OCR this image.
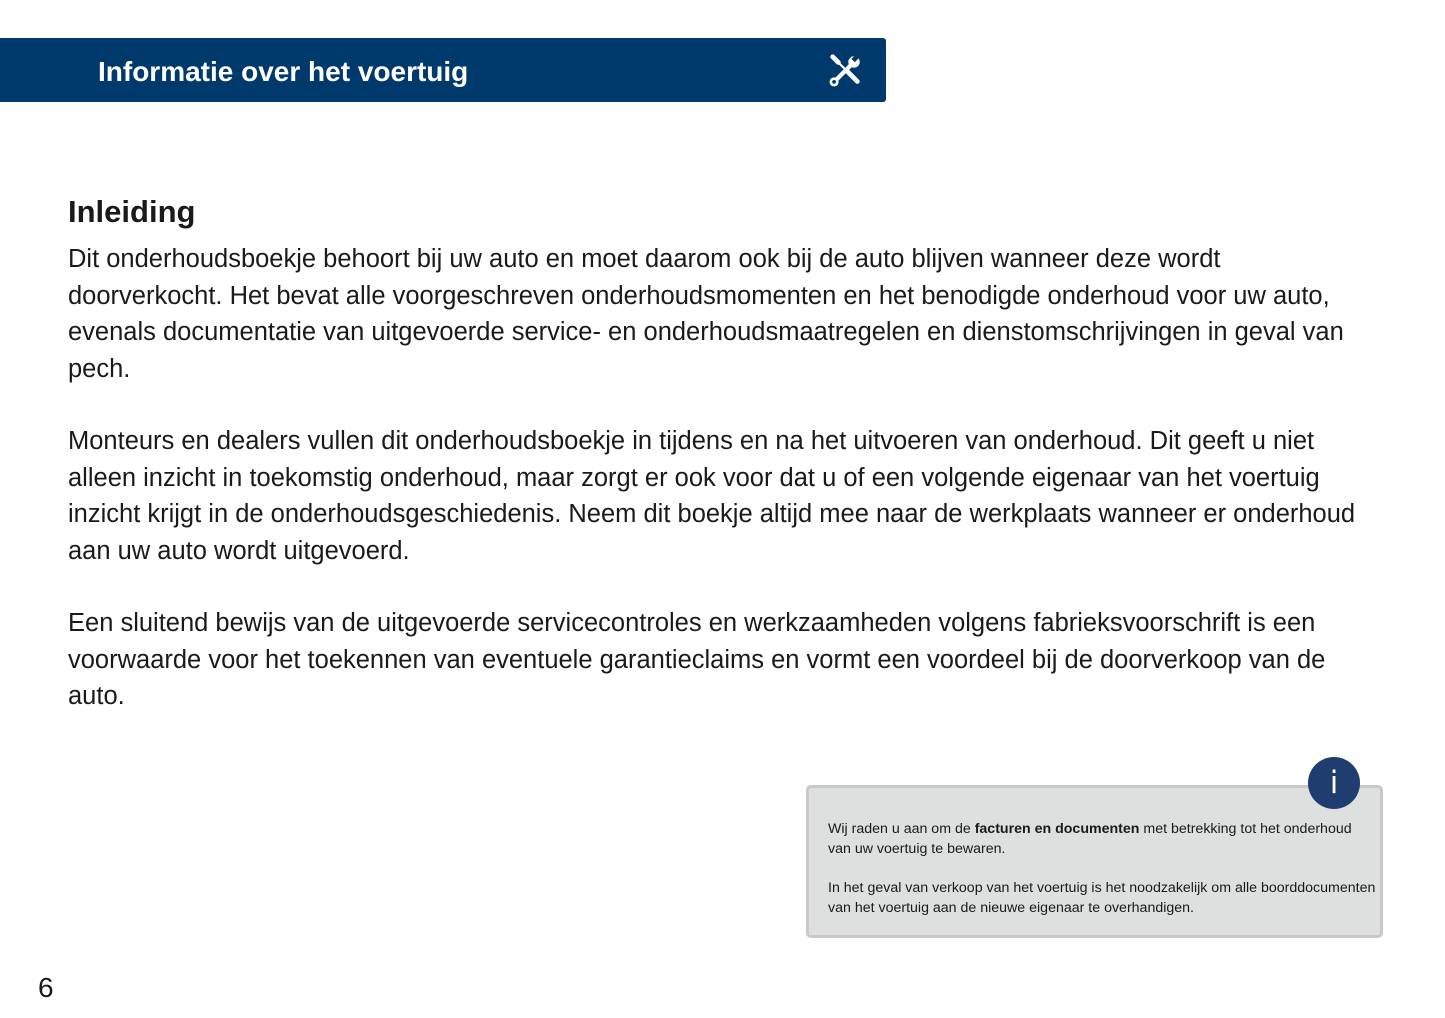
Informatie over het voertuig
Inleiding

Dit onderhoudsboekje behoort bij uw auto en moet daarom ook bij de auto blijven wanneer deze wordt doorverkocht. Het bevat alle voorgeschreven onderhoudsmomenten en het benodigde onderhoud voor uw auto, evenals documentatie van uitgevoerde service- en onderhoudsmaatregelen en dienstomschrijvingen in geval van pech.

Monteurs en dealers vullen dit onderhoudsboekje in tijdens en na het uitvoeren van onderhoud. Dit geeft u niet alleen inzicht in toekomstig onderhoud, maar zorgt er ook voor dat u of een volgende eigenaar van het voertuig inzicht krijgt in de onderhoudsgeschiedenis. Neem dit boekje altijd mee naar de werkplaats wanneer er onderhoud aan uw auto wordt uitgevoerd.

Een sluitend bewijs van de uitgevoerde servicecontroles en werkzaamheden volgens fabrieksvoorschrift is een voorwaarde voor het toekennen van eventuele garantieclaims en vormt een voordeel bij de doorverkoop van de auto.

Wij raden u aan om de facturen en documenten met betrekking tot het onderhoud van uw voertuig te bewaren.

In het geval van verkoop van het voertuig is het noodzakelijk om alle boorddocumenten van het voertuig aan de nieuwe eigenaar te overhandigen.

i
6
